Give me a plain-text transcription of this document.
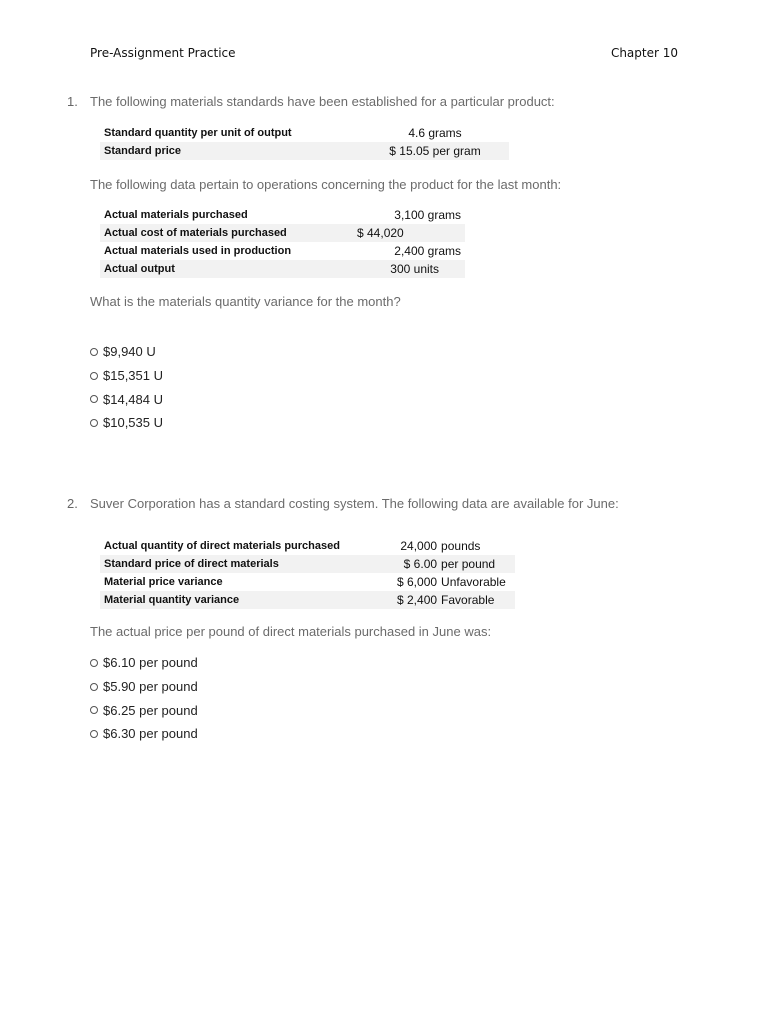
Pre-Assignment Practice	Chapter 10
1. The following materials standards have been established for a particular product:
Standard quantity per unit of output	4.6 grams
Standard price	$ 15.05 per gram
The following data pertain to operations concerning the product for the last month:
Actual materials purchased	3,100 grams
Actual cost of materials purchased	$ 44,020
Actual materials used in production	2,400 grams
Actual output	300 units
What is the materials quantity variance for the month?
$9,940 U
$15,351 U
$14,484 U
$10,535 U
2. Suver Corporation has a standard costing system. The following data are available for June:
Actual quantity of direct materials purchased	24,000	pounds
Standard price of direct materials	$ 6.00	per pound
Material price variance	$ 6,000	Unfavorable
Material quantity variance	$ 2,400	Favorable
The actual price per pound of direct materials purchased in June was:
$6.10 per pound
$5.90 per pound
$6.25 per pound
$6.30 per pound
